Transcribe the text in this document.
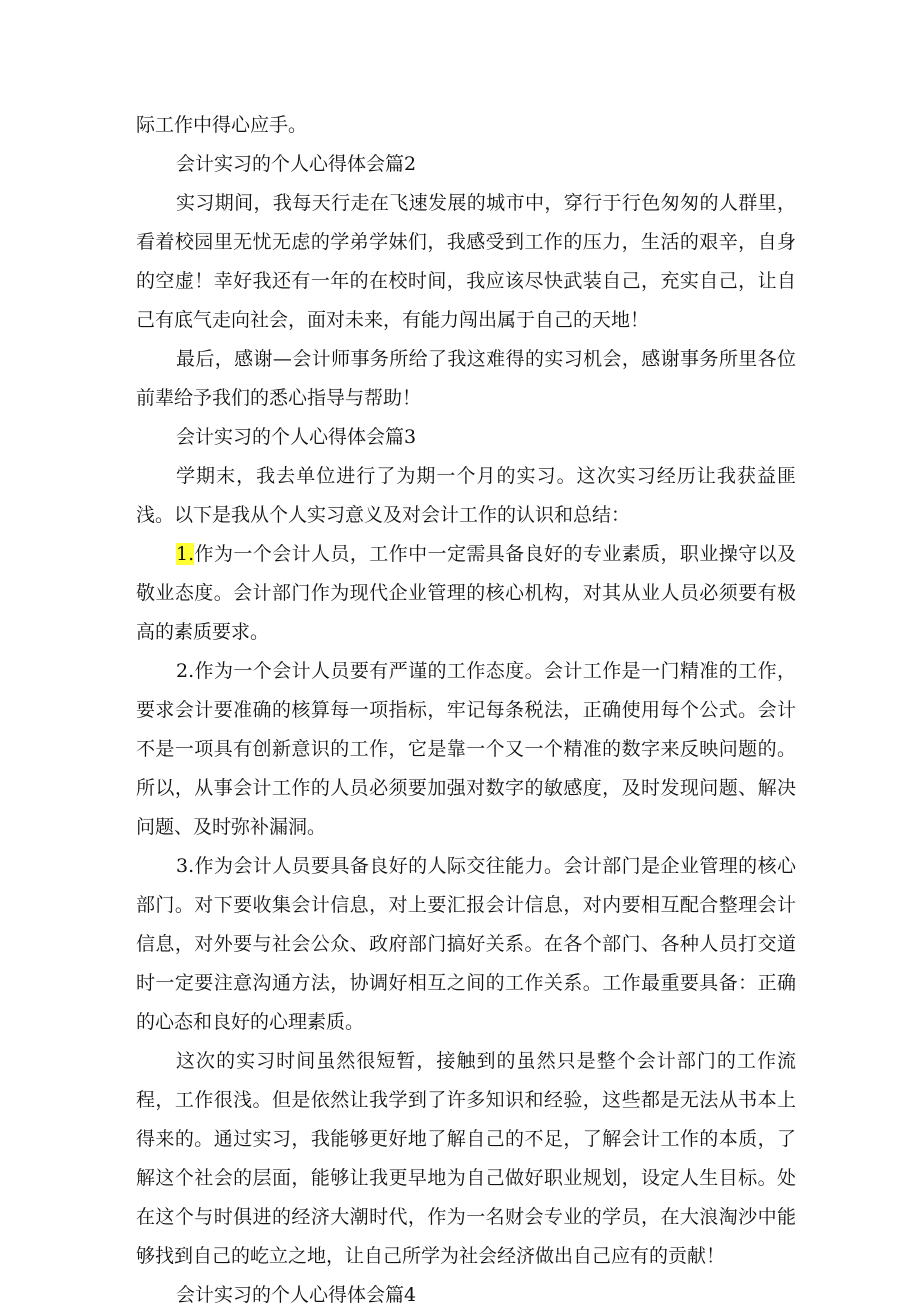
际工作中得心应手。

会计实习的个人心得体会篇2

实习期间，我每天行走在飞速发展的城市中，穿行于行色匆匆的人群里，看着校园里无忧无虑的学弟学妹们，我感受到工作的压力，生活的艰辛，自身的空虚！幸好我还有一年的在校时间，我应该尽快武装自己，充实自己，让自己有底气走向社会，面对未来，有能力闯出属于自己的天地！

最后，感谢—会计师事务所给了我这难得的实习机会，感谢事务所里各位前辈给予我们的悉心指导与帮助！

会计实习的个人心得体会篇3

学期末，我去单位进行了为期一个月的实习。这次实习经历让我获益匪浅。以下是我从个人实习意义及对会计工作的认识和总结：

1.作为一个会计人员，工作中一定需具备良好的专业素质，职业操守以及敬业态度。会计部门作为现代企业管理的核心机构，对其从业人员必须要有极高的素质要求。

2.作为一个会计人员要有严谨的工作态度。会计工作是一门精准的工作，要求会计要准确的核算每一项指标，牢记每条税法，正确使用每个公式。会计不是一项具有创新意识的工作，它是靠一个又一个精准的数字来反映问题的。所以，从事会计工作的人员必须要加强对数字的敏感度，及时发现问题、解决问题、及时弥补漏洞。

3.作为会计人员要具备良好的人际交往能力。会计部门是企业管理的核心部门。对下要收集会计信息，对上要汇报会计信息，对内要相互配合整理会计信息，对外要与社会公众、政府部门搞好关系。在各个部门、各种人员打交道时一定要注意沟通方法，协调好相互之间的工作关系。工作最重要具备：正确的心态和良好的心理素质。

这次的实习时间虽然很短暂，接触到的虽然只是整个会计部门的工作流程，工作很浅。但是依然让我学到了许多知识和经验，这些都是无法从书本上得来的。通过实习，我能够更好地了解自己的不足，了解会计工作的本质，了解这个社会的层面，能够让我更早地为自己做好职业规划，设定人生目标。处在这个与时俱进的经济大潮时代，作为一名财会专业的学员，在大浪淘沙中能够找到自己的屹立之地，让自己所学为社会经济做出自己应有的贡献！

会计实习的个人心得体会篇4
